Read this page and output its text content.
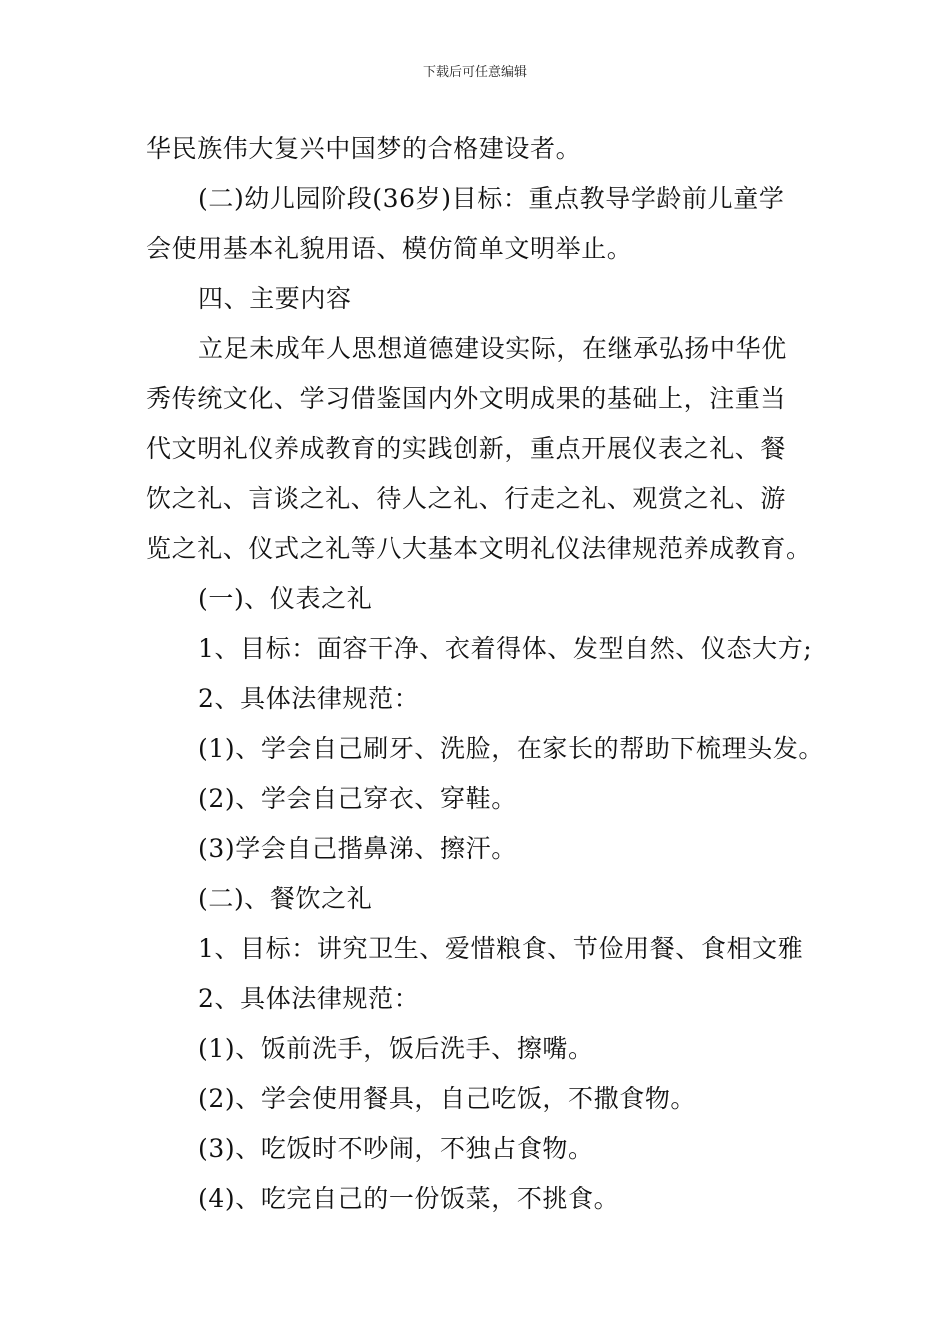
下载后可任意编辑
华民族伟大复兴中国梦的合格建设者。
(二)幼儿园阶段(36岁)目标：重点教导学龄前儿童学
会使用基本礼貌用语、模仿简单文明举止。
四、主要内容
立足未成年人思想道德建设实际，在继承弘扬中华优
秀传统文化、学习借鉴国内外文明成果的基础上，注重当
代文明礼仪养成教育的实践创新，重点开展仪表之礼、餐
饮之礼、言谈之礼、待人之礼、行走之礼、观赏之礼、游
览之礼、仪式之礼等八大基本文明礼仪法律规范养成教育。
(一)、仪表之礼
1、目标：面容干净、衣着得体、发型自然、仪态大方;
2、具体法律规范：
(1)、学会自己刷牙、洗脸，在家长的帮助下梳理头发。
(2)、学会自己穿衣、穿鞋。
(3)学会自己揩鼻涕、擦汗。
(二)、餐饮之礼
1、目标：讲究卫生、爱惜粮食、节俭用餐、食相文雅
2、具体法律规范：
(1)、饭前洗手，饭后洗手、擦嘴。
(2)、学会使用餐具，自己吃饭，不撒食物。
(3)、吃饭时不吵闹，不独占食物。
(4)、吃完自己的一份饭菜，不挑食。
